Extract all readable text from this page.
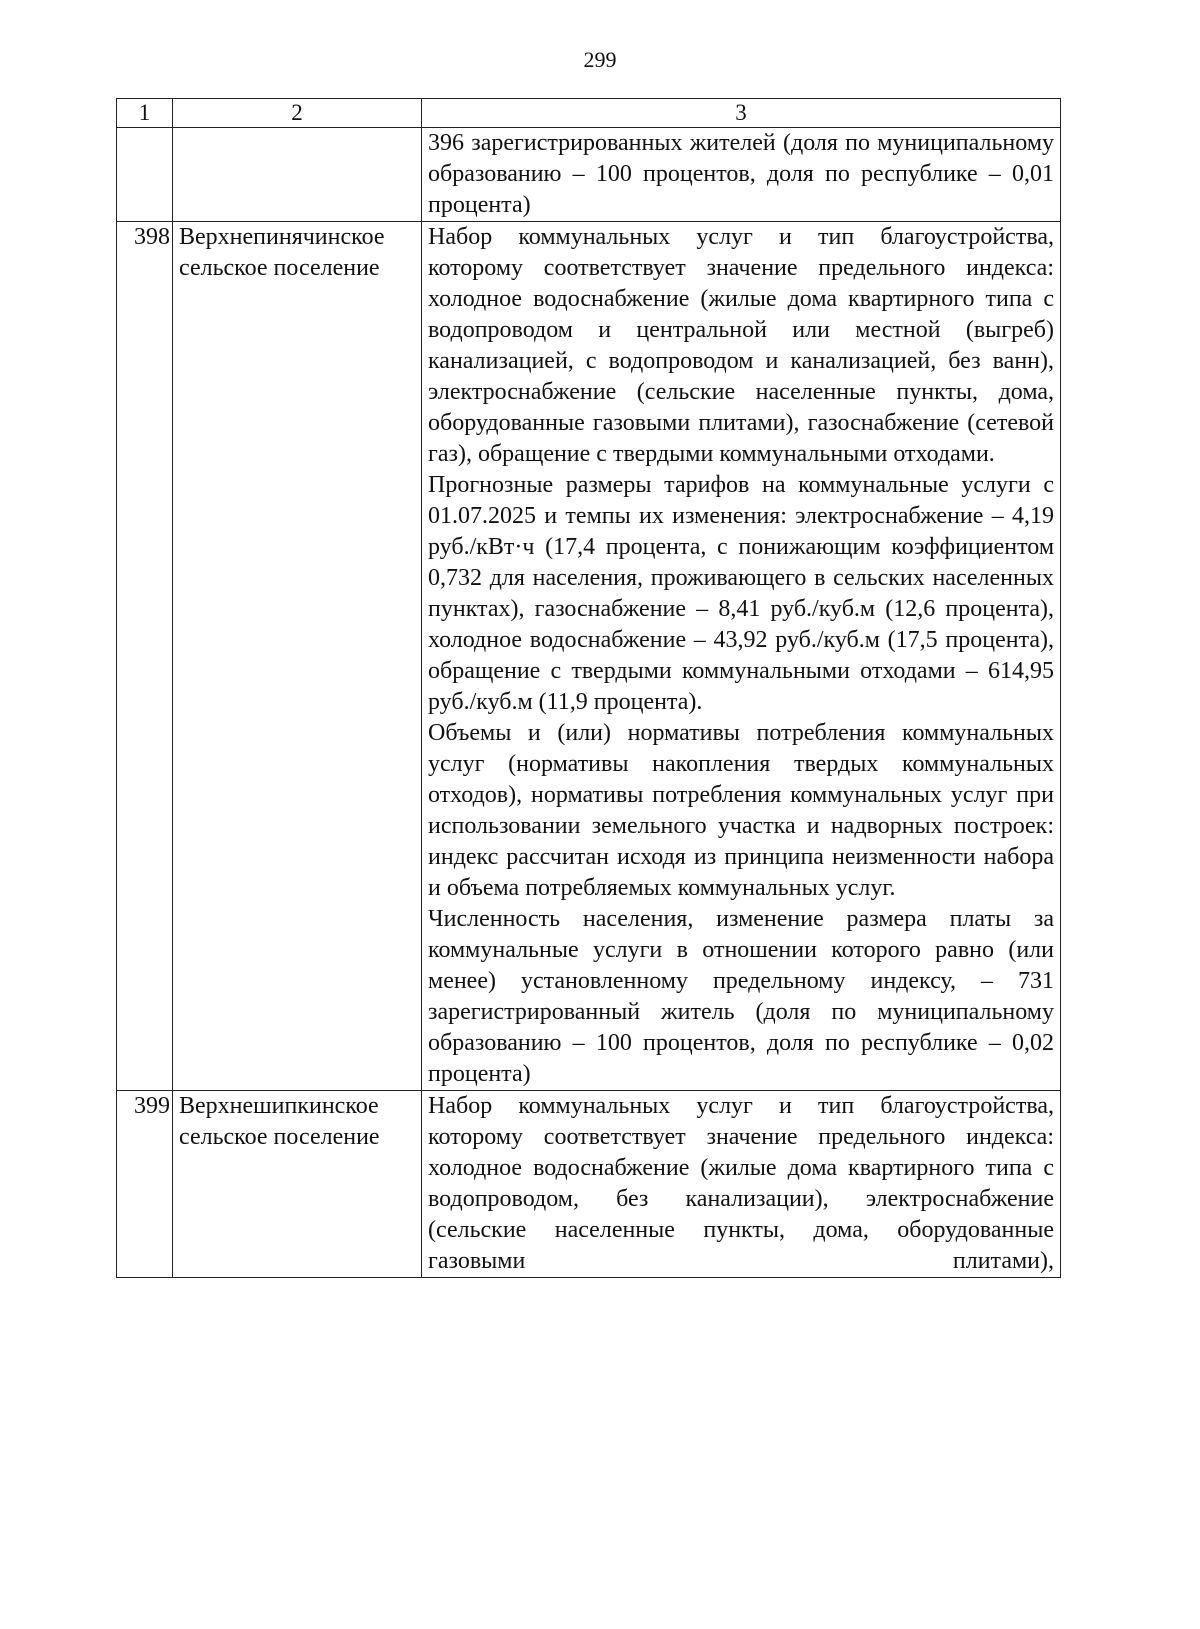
299
1	2	3

		396 зарегистрированных жителей (доля по муниципальному образованию – 100 процентов, доля по республике – 0,01 процента)

398	Верхнепинячинское сельское поселение	Набор коммунальных услуг и тип благоустройства, которому соответствует значение предельного индекса: холодное водоснабжение (жилые дома квартирного типа с водопроводом и центральной или местной (выгреб) канализацией, с водопроводом и канализацией, без ванн), электроснабжение (сельские населенные пункты, дома, оборудованные газовыми плитами), газоснабжение (сетевой газ), обращение с твердыми коммунальными отходами.

Прогнозные размеры тарифов на коммунальные услуги с 01.07.2025 и темпы их изменения: электроснабжение – 4,19 руб./кВт·ч (17,4 процента, с понижающим коэффициентом 0,732 для населения, проживающего в сельских населенных пунктах), газоснабжение – 8,41 руб./куб.м (12,6 процента), холодное водоснабжение – 43,92 руб./куб.м (17,5 процента), обращение с твердыми коммунальными отходами – 614,95 руб./куб.м (11,9 процента).

Объемы и (или) нормативы потребления коммунальных услуг (нормативы накопления твердых коммунальных отходов), нормативы потребления коммунальных услуг при использовании земельного участка и надворных построек: индекс рассчитан исходя из принципа неизменности набора и объема потребляемых коммунальных услуг.

Численность населения, изменение размера платы за коммунальные услуги в отношении которого равно (или менее) установленному предельному индексу, – 731 зарегистрированный житель (доля по муниципальному образованию – 100 процентов, доля по республике – 0,02 процента)

399	Верхнешипкинское сельское поселение	Набор коммунальных услуг и тип благоустройства, которому соответствует значение предельного индекса: холодное водоснабжение (жилые дома квартирного типа с водопроводом, без канализации), электроснабжение (сельские населенные пункты, дома, оборудованные газовыми плитами),
